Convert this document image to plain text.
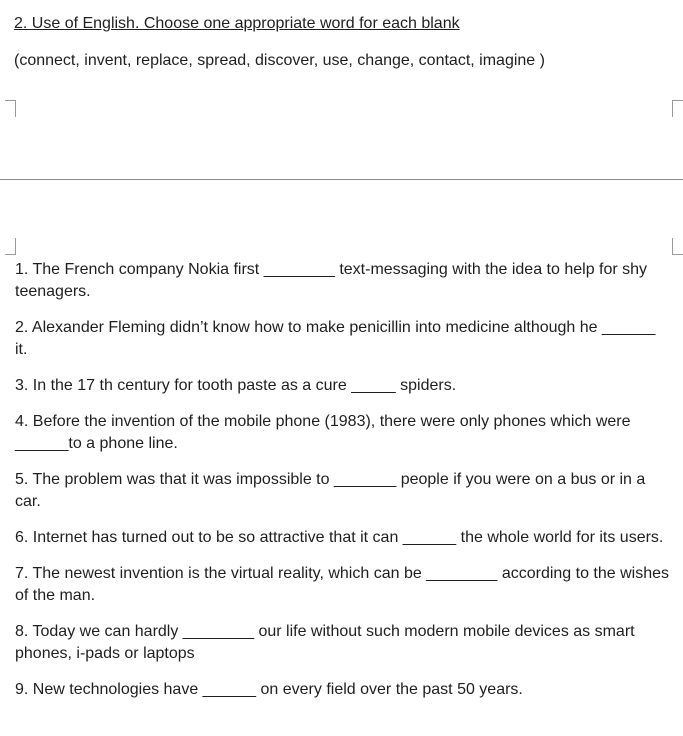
2. Use of English. Choose one appropriate word for each blank
(connect, invent, replace, spread, discover, use, change, contact, imagine )
1. The French company Nokia first ________ text-messaging with the idea to help for shy teenagers.
2. Alexander Fleming didn’t know how to make penicillin into medicine although he ______ it.
3. In the 17 th century for tooth paste as a cure _____ spiders.
4. Before the invention of the mobile phone (1983), there were only phones which were ______to a phone line.
5. The problem was that it was impossible to _______ people if you were on a bus or in a car.
6. Internet has turned out to be so attractive that it can ______ the whole world for its users.
7. The newest invention is the virtual reality, which can be ________ according to the wishes of the man.
8. Today we can hardly ________ our life without such modern mobile devices as smart phones, i-pads or laptops
9. New technologies have ______ on every field over the past 50 years.
